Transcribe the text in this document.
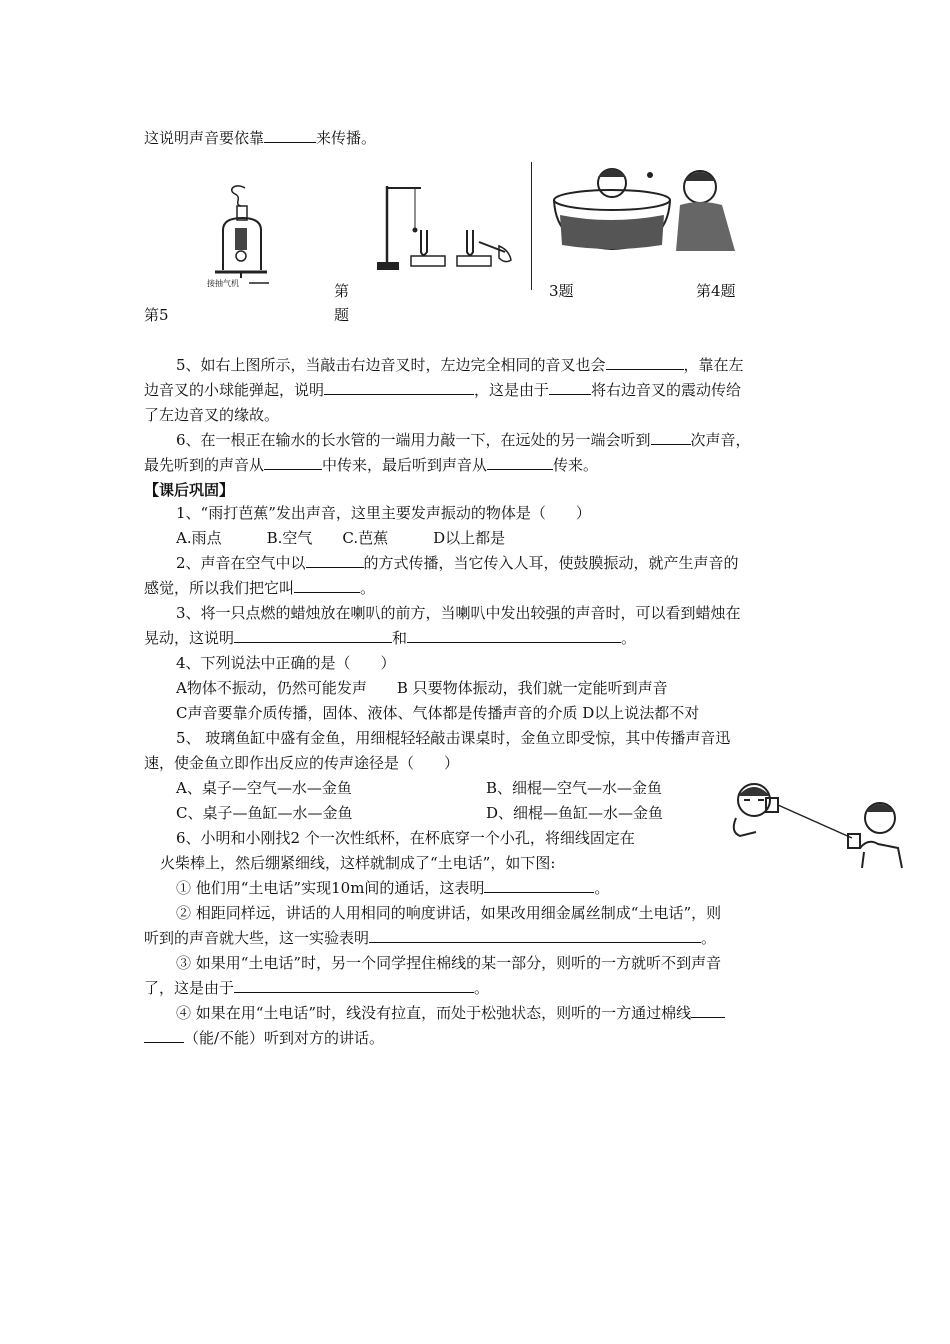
这说明声音要依靠	来传播。
接抽气机	第	3题	第4题
第5	题
5、如右上图所示，当敲击右边音叉时，左边完全相同的音叉也会	，靠在左
边音叉的小球能弹起，说明	，这是由于	将右边音叉的震动传给
了左边音叉的缘故。
6、在一根正在输水的长水管的一端用力敲一下，在远处的另一端会听到	次声音，
最先听到的声音从	中传来，最后听到声音从	传来。
【课后巩固】
1、“雨打芭蕉”发出声音，这里主要发声振动的物体是（　　）
A.雨点　　　B.空气　　C.芭蕉　　　D以上都是
2、声音在空气中以	的方式传播，当它传入人耳，使鼓膜振动，就产生声音的
感觉，所以我们把它叫	。
3、将一只点燃的蜡烛放在喇叭的前方，当喇叭中发出较强的声音时，可以看到蜡烛在
晃动，这说明	和	。
4、下列说法中正确的是（　　）
A物体不振动，仍然可能发声　　B 只要物体振动，我们就一定能听到声音
C声音要靠介质传播，固体、液体、气体都是传播声音的介质 D以上说法都不对
5、 玻璃鱼缸中盛有金鱼，用细棍轻轻敲击课桌时，金鱼立即受惊，其中传播声音迅
速，使金鱼立即作出反应的传声途径是（　　）
A、桌子—空气—水—金鱼	B、细棍—空气—水—金鱼
C、桌子—鱼缸—水—金鱼	D、细棍—鱼缸—水—金鱼
6、小明和小刚找2 个一次性纸杯，在杯底穿一个小孔，将细线固定在
火柴棒上，然后绷紧细线，这样就制成了“土电话”，如下图:
① 他们用“土电话”实现10m间的通话，这表明	。
② 相距同样远，讲话的人用相同的响度讲话，如果改用细金属丝制成“土电话”，则
听到的声音就大些，这一实验表明	。
③ 如果用“土电话”时，另一个同学捏住棉线的某一部分，则听的一方就听不到声音
了，这是由于	。
④ 如果在用“土电话”时，线没有拉直，而处于松弛状态，则听的一方通过棉线
（能/不能）听到对方的讲话。
